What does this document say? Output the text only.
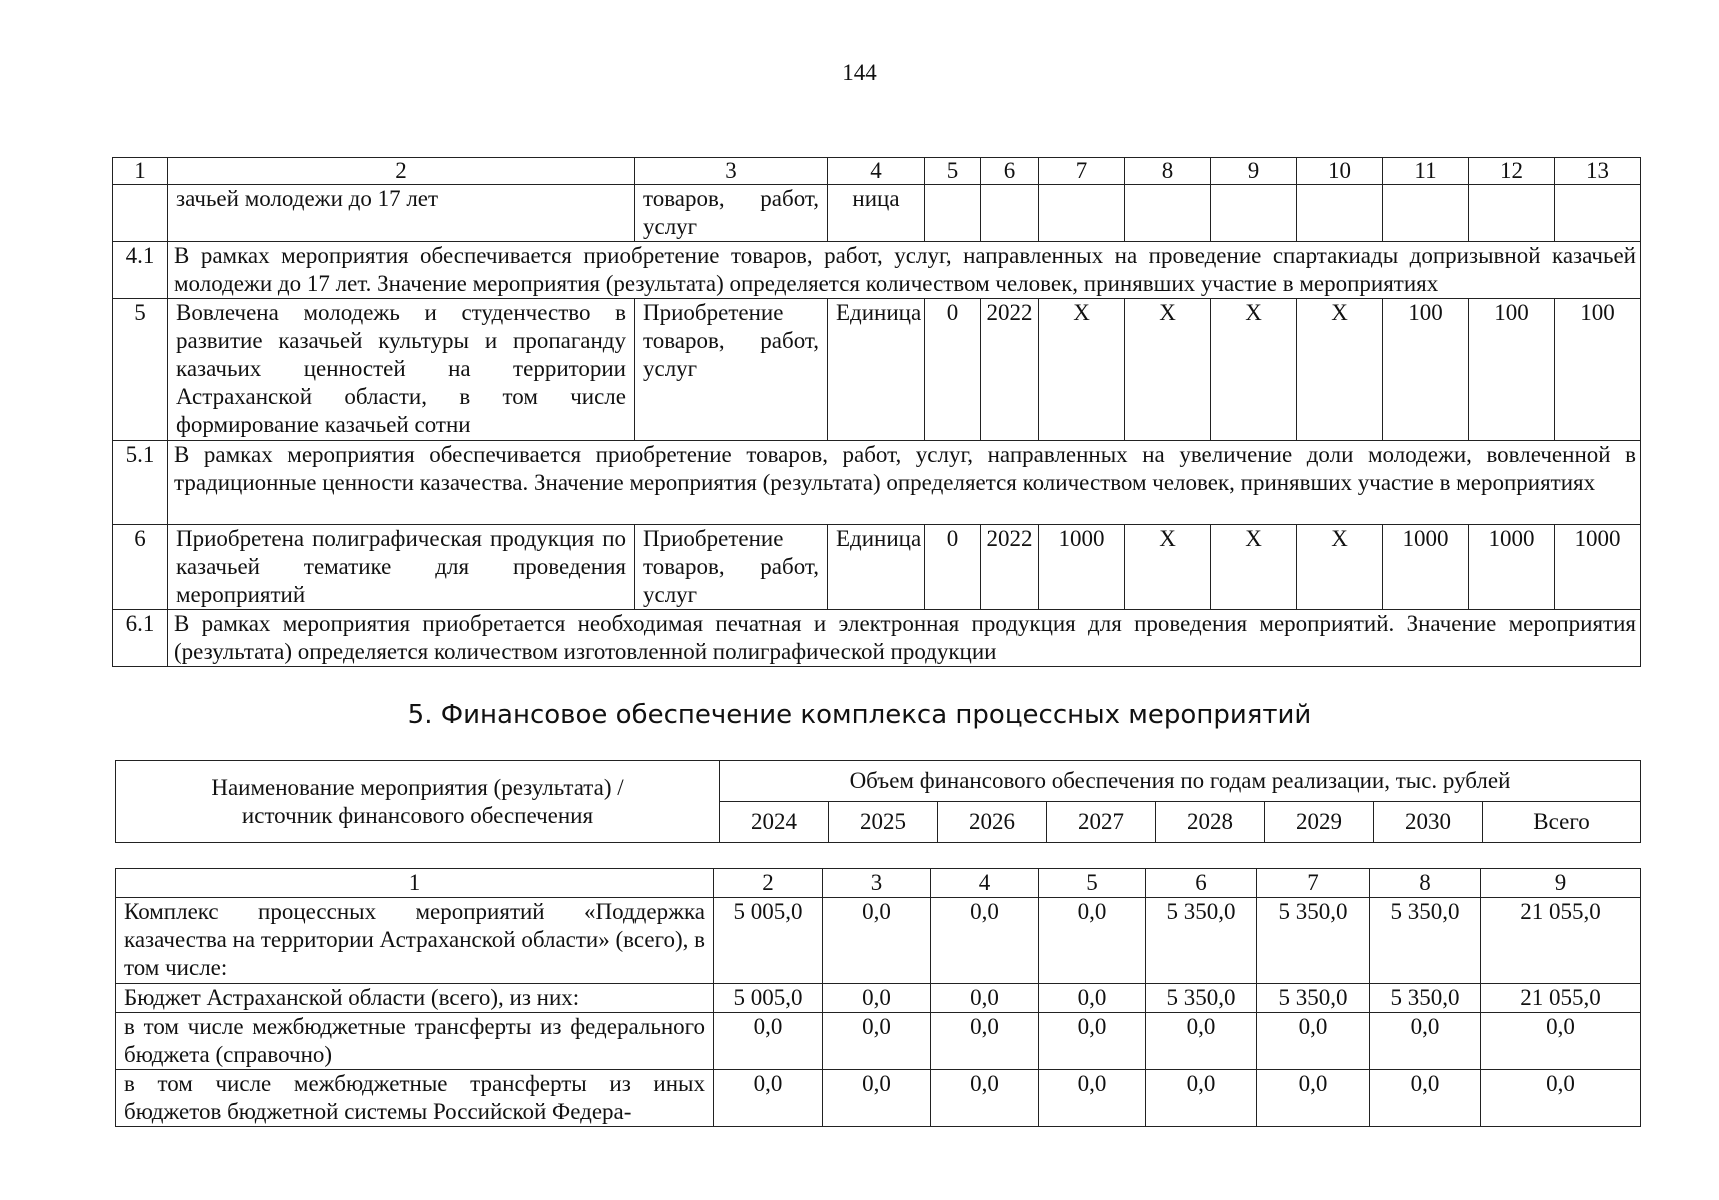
144
1	2	3	4	5	6	7	8	9	10	11	12	13
	зачьей молодежи до 17 лет	товаров, работ, услуг	ница									
4.1	В рамках мероприятия обеспечивается приобретение товаров, работ, услуг, направленных на проведение спартакиады допризывной казачьей молодежи до 17 лет. Значение мероприятия (результата) определяется количеством человек, принявших участие в мероприятиях											
5	Вовлечена молодежь и студенчество в развитие казачьей культуры и пропаганду казачьих ценностей на территории Астраханской области, в том числе формирование казачьей сотни	Приобретение товаров, работ, услуг	Единица	0	2022	X	X	X	X	100	100	100
5.1	В рамках мероприятия обеспечивается приобретение товаров, работ, услуг, направленных на увеличение доли молодежи, вовлеченной в традиционные ценности казачества. Значение мероприятия (результата) определяется количеством человек, принявших участие в мероприятиях											
6	Приобретена полиграфическая продукция по казачьей тематике для проведения мероприятий	Приобретение товаров, работ, услуг	Единица	0	2022	1000	X	X	X	1000	1000	1000
6.1	В рамках мероприятия приобретается необходимая печатная и электронная продукция для проведения мероприятий. Значение мероприятия (результата) определяется количеством изготовленной полиграфической продукции											
5. Финансовое обеспечение комплекса процессных мероприятий
Наименование мероприятия (результата) /
источник финансового обеспечения	Объем финансового обеспечения по годам реализации, тыс. рублей							
	2024	2025	2026	2027	2028	2029	2030	Всего
1	2	3	4	5	6	7	8	9
Комплекс процессных мероприятий «Поддержка казачества на территории Астраханской области» (всего), в том числе:	5 005,0	0,0	0,0	0,0	5 350,0	5 350,0	5 350,0	21 055,0
Бюджет Астраханской области (всего), из них:	5 005,0	0,0	0,0	0,0	5 350,0	5 350,0	5 350,0	21 055,0
в том числе межбюджетные трансферты из федерального бюджета (справочно)	0,0	0,0	0,0	0,0	0,0	0,0	0,0	0,0
в том числе межбюджетные трансферты из иных бюджетов бюджетной системы Российской Федера-	0,0	0,0	0,0	0,0	0,0	0,0	0,0	0,0
